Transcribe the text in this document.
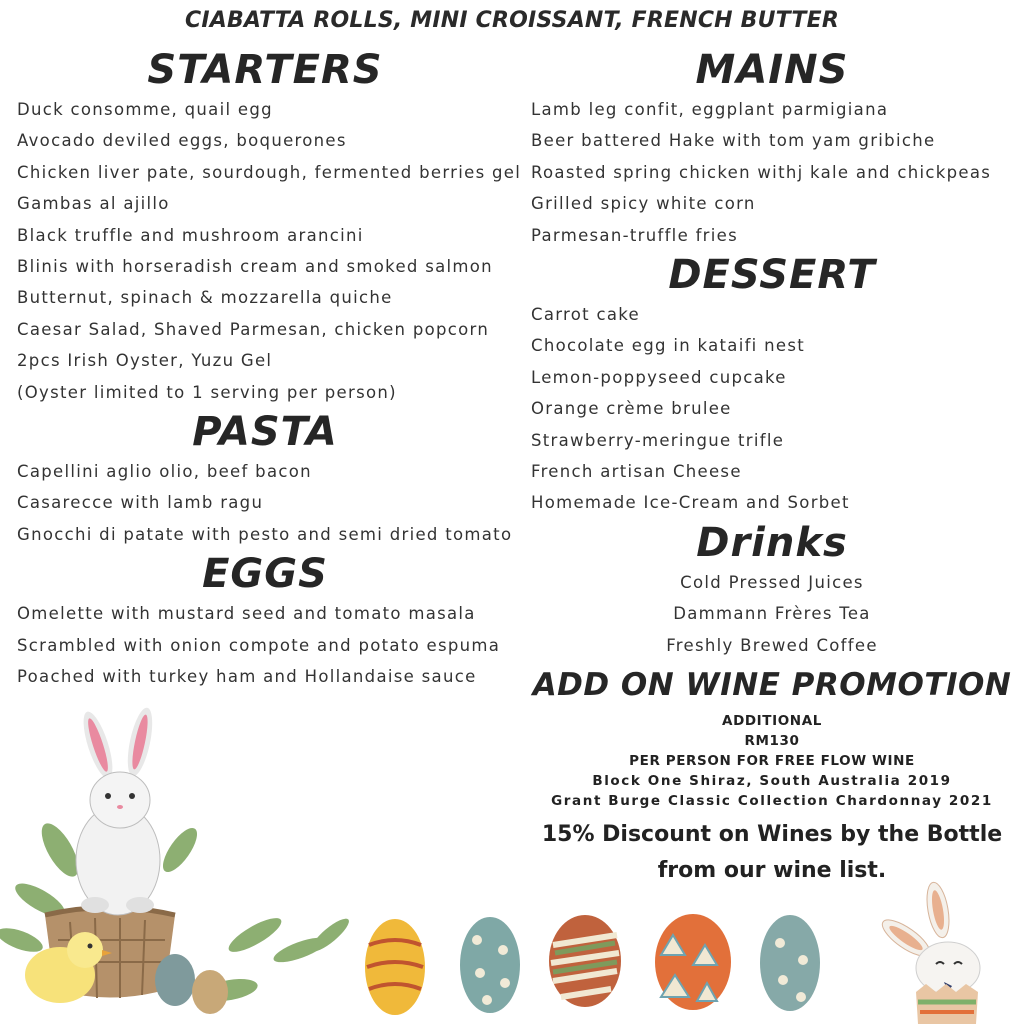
CIABATTA ROLLS, MINI CROISSANT, FRENCH BUTTER
STARTERS
Duck consomme, quail egg
Avocado deviled eggs, boquerones
Chicken liver pate, sourdough, fermented berries gel
Gambas al ajillo
Black truffle and mushroom arancini
Blinis with horseradish cream and smoked salmon
Butternut, spinach & mozzarella quiche
Caesar Salad, Shaved Parmesan, chicken popcorn
2pcs Irish Oyster, Yuzu Gel
(Oyster limited to 1 serving per person)
PASTA
Capellini aglio olio, beef bacon
Casarecce with lamb ragu
Gnocchi di patate with pesto and semi dried tomato
EGGS
Omelette with mustard seed and tomato masala
Scrambled with onion compote and potato espuma
Poached with turkey ham and Hollandaise sauce
MAINS
Lamb leg confit, eggplant parmigiana
Beer battered Hake with tom yam gribiche
Roasted spring chicken withj kale and chickpeas
Grilled spicy white corn
Parmesan-truffle fries
DESSERT
Carrot cake
Chocolate egg in kataifi nest
Lemon-poppyseed cupcake
Orange crème brulee
Strawberry-meringue trifle
French artisan Cheese
Homemade Ice-Cream and Sorbet
Drinks
Cold Pressed Juices
Dammann Frères Tea
Freshly Brewed Coffee
ADD ON WINE PROMOTION
ADDITIONAL
RM130
PER PERSON FOR FREE FLOW WINE
Block One Shiraz, South Australia 2019
Grant Burge Classic Collection Chardonnay 2021
15% Discount on Wines by the Bottle
from our wine list.
